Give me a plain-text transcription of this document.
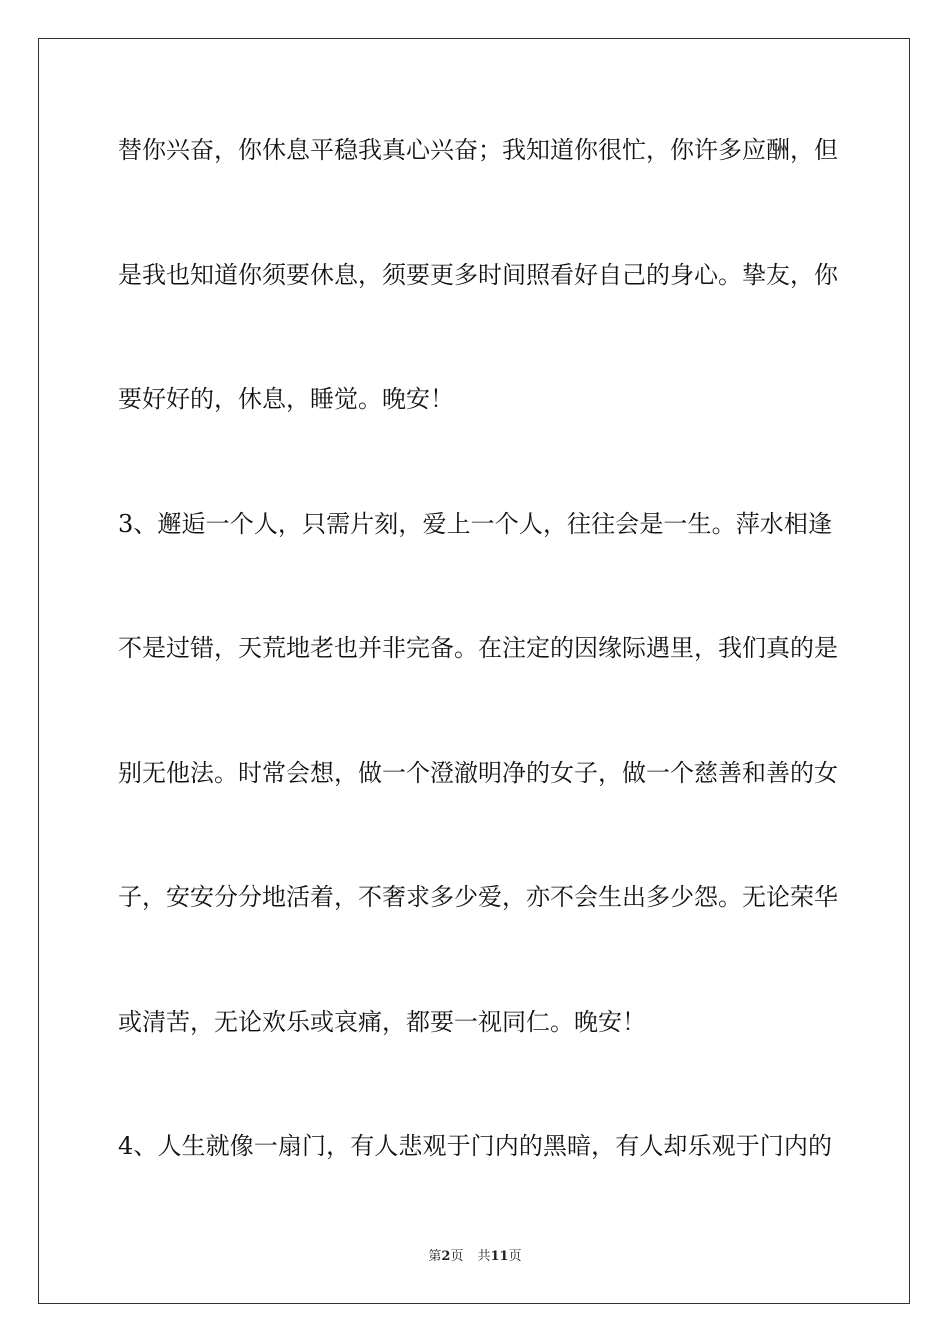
替你兴奋，你休息平稳我真心兴奋；我知道你很忙，你许多应酬，但
是我也知道你须要休息，须要更多时间照看好自己的身心。挚友，你
要好好的，休息，睡觉。晚安！
3、邂逅一个人，只需片刻，爱上一个人，往往会是一生。萍水相逢
不是过错，天荒地老也并非完备。在注定的因缘际遇里，我们真的是
别无他法。时常会想，做一个澄澈明净的女子，做一个慈善和善的女
子，安安分分地活着，不奢求多少爱，亦不会生出多少怨。无论荣华
或清苦，无论欢乐或哀痛，都要一视同仁。晚安！
4、人生就像一扇门，有人悲观于门内的黑暗，有人却乐观于门内的
第2页 共11页
